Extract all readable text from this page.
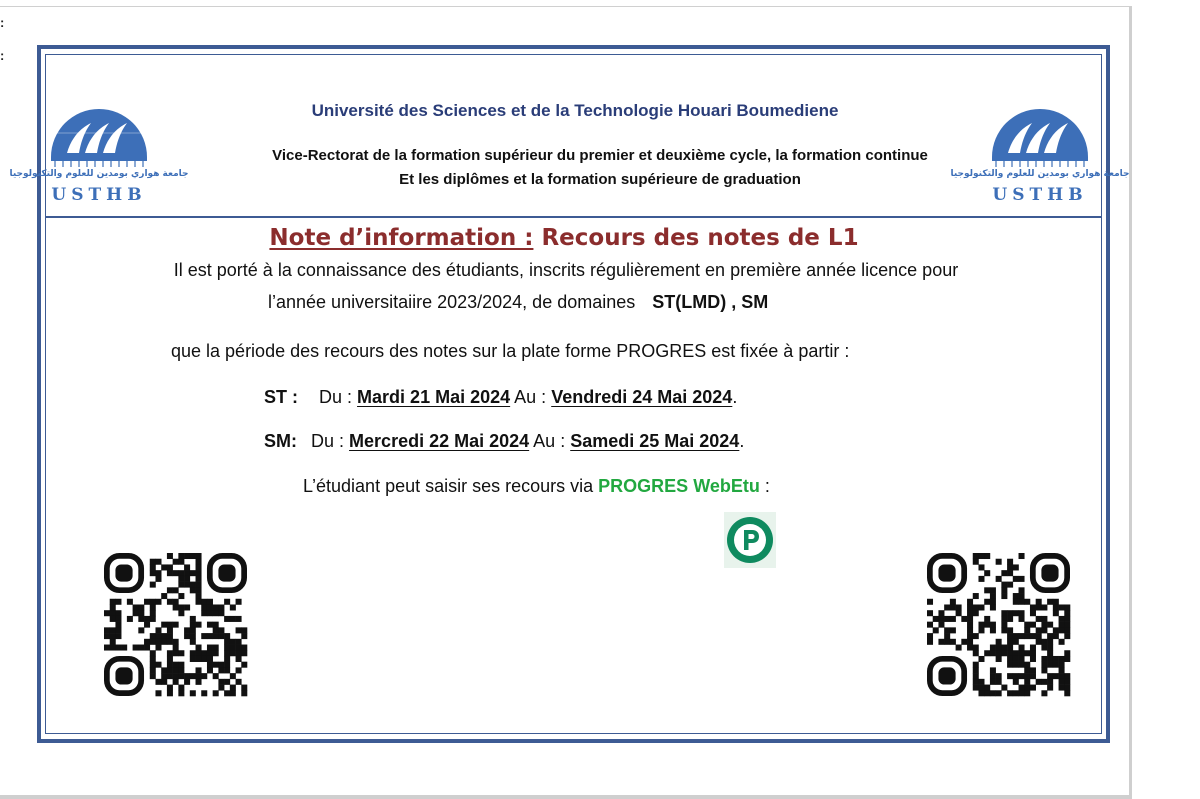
:
:
جامعة هواري بومدين للعلوم والتكنولوجيا
USTHB
جامعة هواري بومدين للعلوم والتكنولوجيا
USTHB
Université des Sciences et de la Technologie Houari Boumediene
Vice-Rectorat de la formation supérieur du premier et deuxième cycle, la formation continue
Et les diplômes et la formation supérieure de graduation
Note d’information : Recours des notes de L1
Il est porté à la connaissance des étudiants, inscrits régulièrement en première année licence pour
l’année universitaiire 2023/2024, de domaines ST(LMD) , SM
que la période des recours des notes sur la plate forme PROGRES est fixée à partir :
ST : Du : Mardi 21 Mai 2024 Au : Vendredi 24 Mai 2024.
SM: Du : Mercredi 22 Mai 2024 Au : Samedi 25 Mai 2024.
L’étudiant peut saisir ses recours via PROGRES WebEtu :
